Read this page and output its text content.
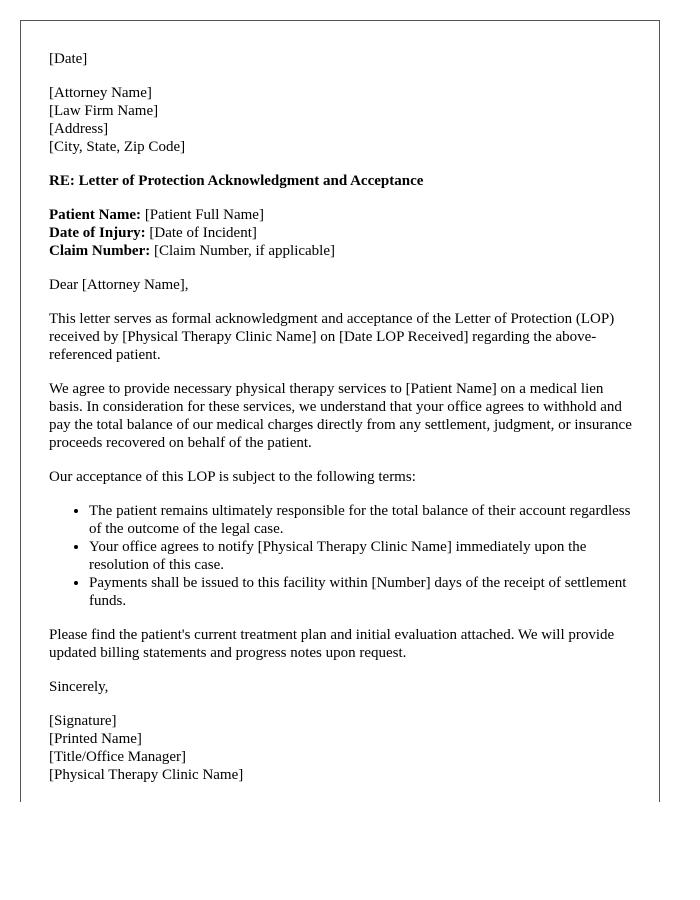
[Date]
[Attorney Name]
[Law Firm Name]
[Address]
[City, State, Zip Code]
RE: Letter of Protection Acknowledgment and Acceptance
Patient Name: [Patient Full Name]
Date of Injury: [Date of Incident]
Claim Number: [Claim Number, if applicable]

Dear [Attorney Name],

This letter serves as formal acknowledgment and acceptance of the Letter of Protection (LOP) received by [Physical Therapy Clinic Name] on [Date LOP Received] regarding the above-referenced patient.

We agree to provide necessary physical therapy services to [Patient Name] on a medical lien basis. In consideration for these services, we understand that your office agrees to withhold and pay the total balance of our medical charges directly from any settlement, judgment, or insurance proceeds recovered on behalf of the patient.

Our acceptance of this LOP is subject to the following terms:

• The patient remains ultimately responsible for the total balance of their account regardless of the outcome of the legal case.
• Your office agrees to notify [Physical Therapy Clinic Name] immediately upon the resolution of this case.
• Payments shall be issued to this facility within [Number] days of the receipt of settlement funds.

Please find the patient's current treatment plan and initial evaluation attached. We will provide updated billing statements and progress notes upon request.

Sincerely,

[Signature]
[Printed Name]
[Title/Office Manager]
[Physical Therapy Clinic Name]
